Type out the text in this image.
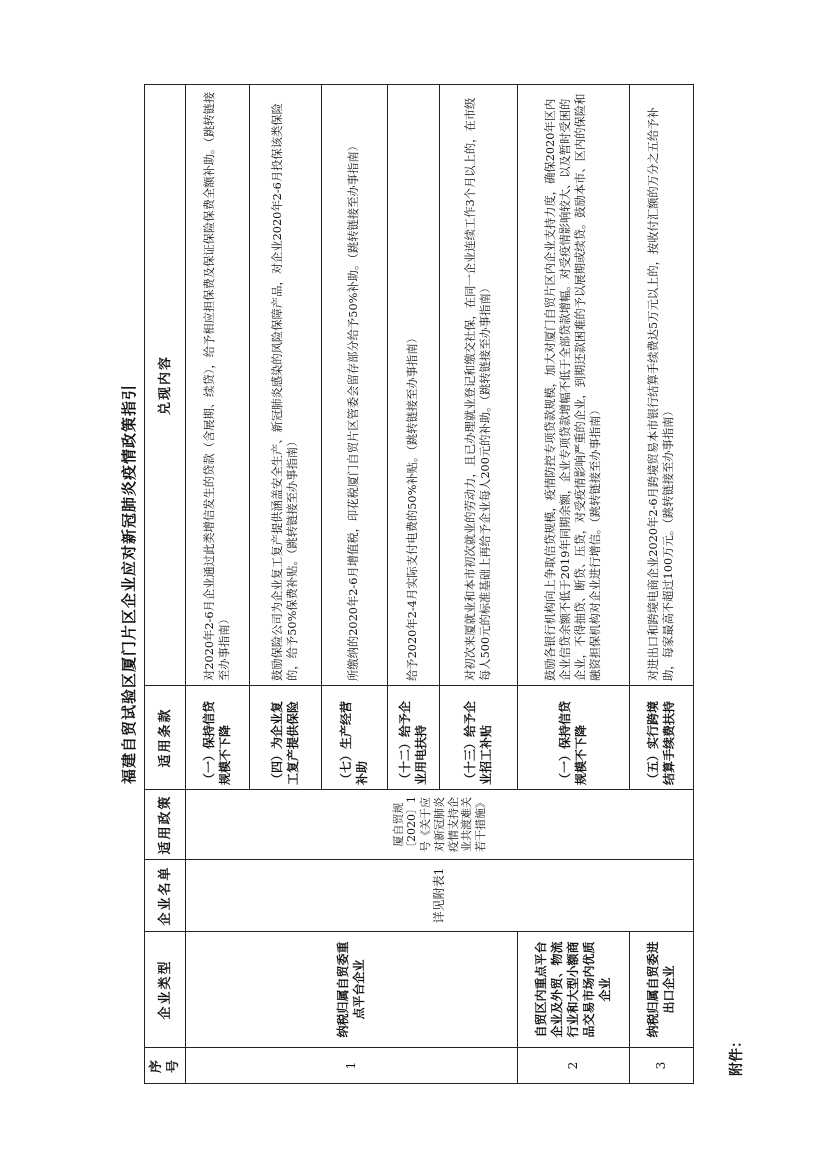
福建自贸试验区厦门片区企业应对新冠肺炎疫情政策指引
序号	企业类型	企业名单	适用政策	适用条款	兑现内容
1	纳税归属自贸委重点平台企业	详见附表1	厦自贸规〔2020〕1号《关于应对新冠肺炎疫情支持企业共渡难关若干措施》	（一）保持信贷规模不下降	对2020年2-6月企业通过此类增信发生的贷款（含展期、续贷），给予相应担保费及保证保险保费全额补助。（跳转链接至办事指南）
				（四）为企业复工复产提供保险	鼓励保险公司为企业复工复产提供涵盖安全生产、新冠肺炎感染的风险保障产品，对企业2020年2-6月投保该类保险的，给予50%保费补贴。（跳转链接至办事指南）
				（七）生产经营补助	所缴纳的2020年2-6月增值税，印花税厦门自贸片区管委会留存部分给予50%补助。（跳转链接至办事指南）
				（十二）给予企业用电扶持	给予2020年2-4月实际支付电费的50%补贴。（跳转链接至办事指南）
				（十三）给予企业招工补贴	对初次来厦就业和本市初次就业的劳动力，且已办理就业登记和缴交社保，在同一企业连续工作3个月以上的，在市级每人500元的标准基础上再给予企业每人200元的补助。（跳转链接至办事指南）
2	自贸区内重点平台企业及外贸、物流行业和大型小额商品交易市场内优质企业			（一）保持信贷规模不下降	鼓励各银行机构向上争取信贷规模，疫情防控专项贷款规模，加大对厦门自贸片区内企业支持力度，确保2020年区内企业信贷余额不低于2019年同期余额，企业专项贷款增幅不低于全部贷款增幅。对受疫情影响较大、以及暂时受困的企业，不得抽贷、断贷、压贷，对受疫情影响严重的企业，到期还款困难的予以展期或续贷。鼓励本市、区内的保险和融资担保机构对企业进行增信。（跳转链接至办事指南）
3	纳税归属自贸委进出口企业			（五）实行跨境结算手续费扶持	对进出口和跨境电商企业2020年2-6月跨境贸易本市银行结算手续费达5万元以上的，按收付汇额的万分之五给予补助，每家最高不超过100万元。（跳转链接至办事指南）
附件：
